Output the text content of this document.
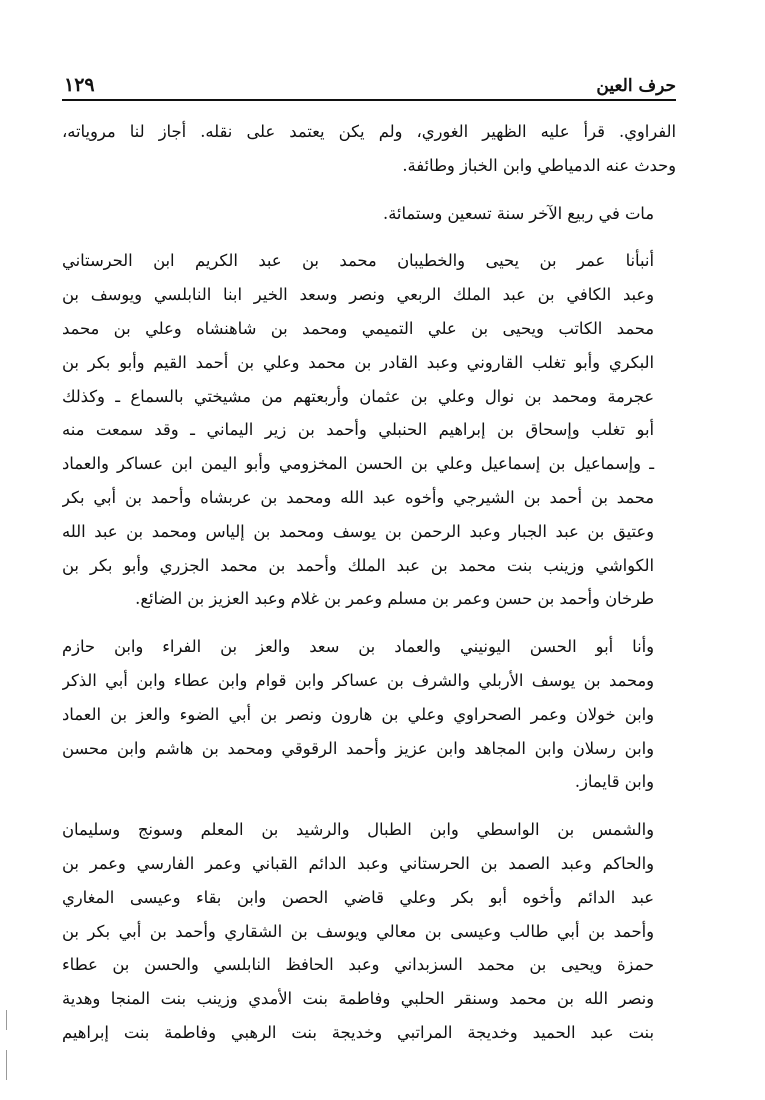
حرف العين
١٢٩

الفراوي. قرأ عليه الظهير الغوري، ولم يكن يعتمد على نقله. أجاز لنا مروياته،
وحدث عنه الدمياطي وابن الخباز وطائفة.

مات في ربيع الآخر سنة تسعين وستمائة.

أنبأنا عمر بن يحيى والخطيبان محمد بن عبد الكريم ابن الحرستاني
وعبد الكافي بن عبد الملك الربعي ونصر وسعد الخير ابنا النابلسي ويوسف بن
محمد الكاتب ويحيى بن علي التميمي ومحمد بن شاهنشاه وعلي بن محمد
البكري وأبو تغلب القاروني وعبد القادر بن محمد وعلي بن أحمد القيم وأبو بكر بن
عجرمة ومحمد بن نوال وعلي بن عثمان وأربعتهم من مشيختي بالسماع ـ وكذلك
أبو تغلب وإسحاق بن إبراهيم الحنبلي وأحمد بن زير اليماني ـ وقد سمعت منه
ـ وإسماعيل بن إسماعيل وعلي بن الحسن المخزومي وأبو اليمن ابن عساكر والعماد
محمد بن أحمد بن الشيرجي وأخوه عبد الله ومحمد بن عربشاه وأحمد بن أبي بكر
وعتيق بن عبد الجبار وعبد الرحمن بن يوسف ومحمد بن إلياس ومحمد بن عبد الله
الكواشي وزينب بنت محمد بن عبد الملك وأحمد بن محمد الجزري وأبو بكر بن
طرخان وأحمد بن حسن وعمر بن مسلم وعمر بن غلام وعبد العزيز بن الضائع.

وأنا أبو الحسن اليونيني والعماد بن سعد والعز بن الفراء وابن حازم
ومحمد بن يوسف الأربلي والشرف بن عساكر وابن قوام وابن عطاء وابن أبي الذكر
وابن خولان وعمر الصحراوي وعلي بن هارون ونصر بن أبي الضوء والعز بن العماد
وابن رسلان وابن المجاهد وابن عزيز وأحمد الرقوقي ومحمد بن هاشم وابن محسن
وابن قايماز.

والشمس بن الواسطي وابن الطبال والرشيد بن المعلم وسونج وسليمان
والحاكم وعبد الصمد بن الحرستاني وعبد الدائم القباني وعمر الفارسي وعمر بن
عبد الدائم وأخوه أبو بكر وعلي قاضي الحصن وابن بقاء وعيسى المغاري
وأحمد بن أبي طالب وعيسى بن معالي ويوسف بن الشقاري وأحمد بن أبي بكر بن
حمزة ويحيى بن محمد السزبداني وعبد الحافظ النابلسي والحسن بن عطاء
ونصر الله بن محمد وسنقر الحلبي وفاطمة بنت الأمدي وزينب بنت المنجا وهدية
بنت عبد الحميد وخديجة المراتبي وخديجة بنت الرهبي وفاطمة بنت إبراهيم
